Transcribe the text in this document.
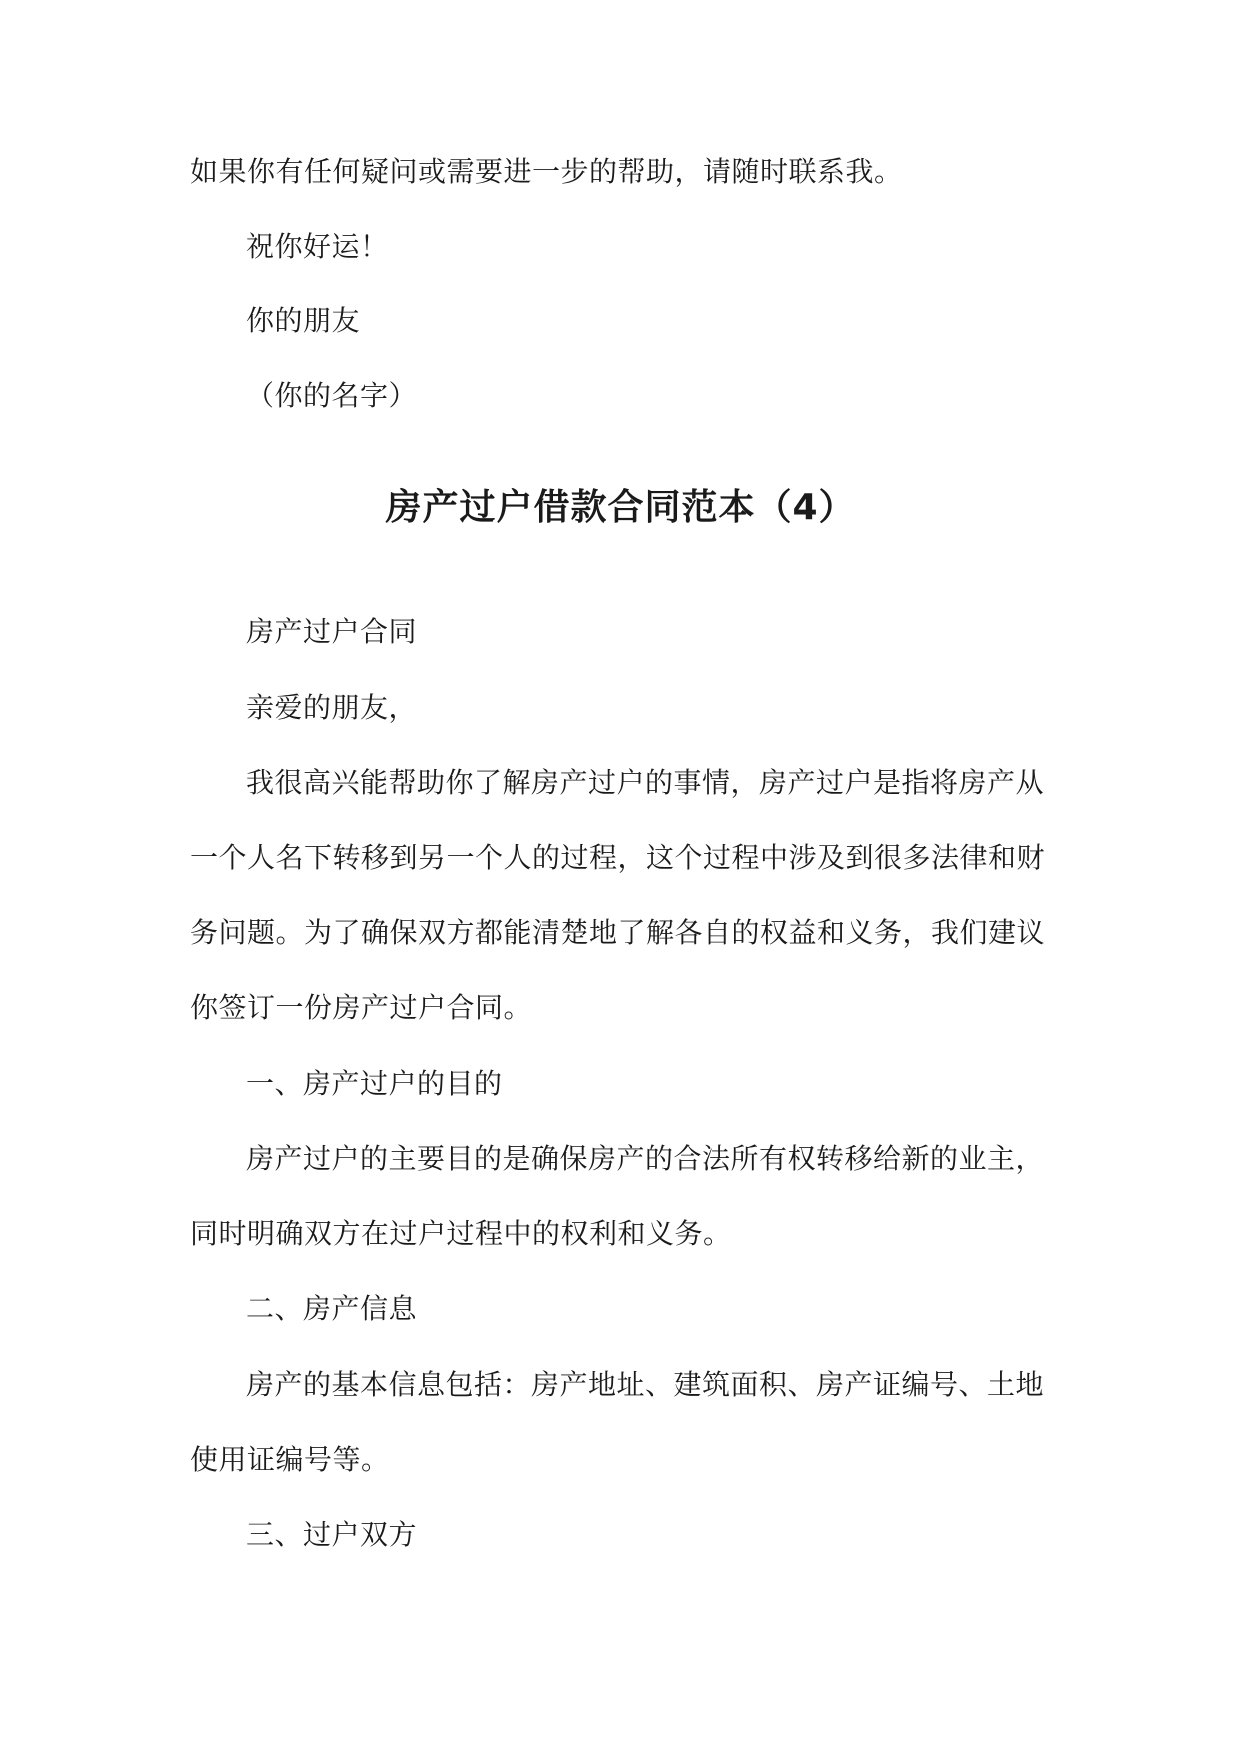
如果你有任何疑问或需要进一步的帮助，请随时联系我。
祝你好运！
你的朋友
（你的名字）
房产过户借款合同范本（4）
房产过户合同
亲爱的朋友，
我很高兴能帮助你了解房产过户的事情，房产过户是指将房产从
一个人名下转移到另一个人的过程，这个过程中涉及到很多法律和财
务问题。为了确保双方都能清楚地了解各自的权益和义务，我们建议
你签订一份房产过户合同。
一、房产过户的目的
房产过户的主要目的是确保房产的合法所有权转移给新的业主，
同时明确双方在过户过程中的权利和义务。
二、房产信息
房产的基本信息包括：房产地址、建筑面积、房产证编号、土地
使用证编号等。
三、过户双方
